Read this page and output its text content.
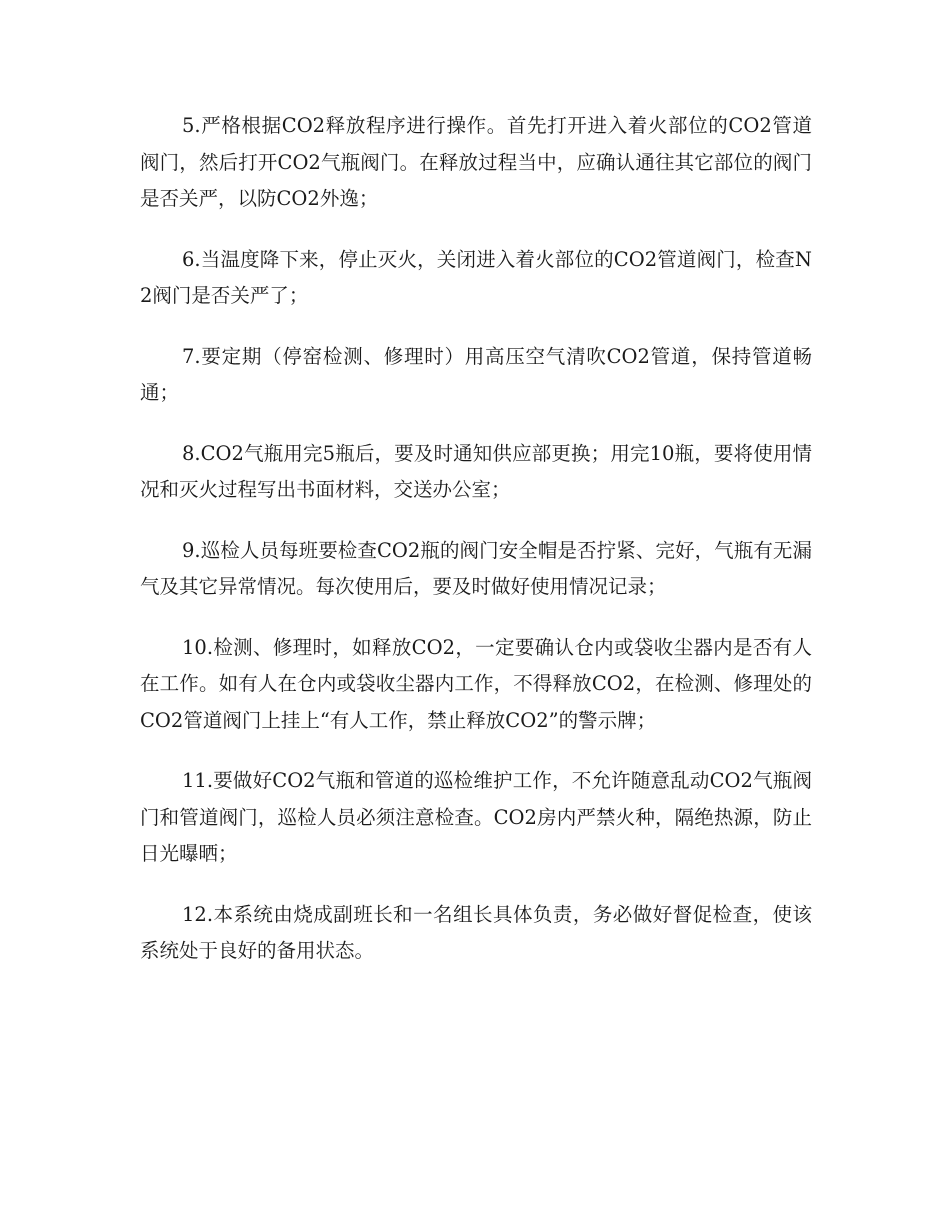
5.严格根据CO2释放程序进行操作。首先打开进入着火部位的CO2管道阀门，然后打开CO2气瓶阀门。在释放过程当中，应确认通往其它部位的阀门是否关严，以防CO2外逸；

6.当温度降下来，停止灭火，关闭进入着火部位的CO2管道阀门，检查N2阀门是否关严了；

7.要定期（停窑检测、修理时）用高压空气清吹CO2管道，保持管道畅通；

8.CO2气瓶用完5瓶后，要及时通知供应部更换；用完10瓶，要将使用情况和灭火过程写出书面材料，交送办公室；

9.巡检人员每班要检查CO2瓶的阀门安全帽是否拧紧、完好，气瓶有无漏气及其它异常情况。每次使用后，要及时做好使用情况记录；

10.检测、修理时，如释放CO2，一定要确认仓内或袋收尘器内是否有人在工作。如有人在仓内或袋收尘器内工作，不得释放CO2，在检测、修理处的CO2管道阀门上挂上“有人工作，禁止释放CO2”的警示牌；

11.要做好CO2气瓶和管道的巡检维护工作，不允许随意乱动CO2气瓶阀门和管道阀门，巡检人员必须注意检查。CO2房内严禁火种，隔绝热源，防止日光曝晒；

12.本系统由烧成副班长和一名组长具体负责，务必做好督促检查，使该系统处于良好的备用状态。
